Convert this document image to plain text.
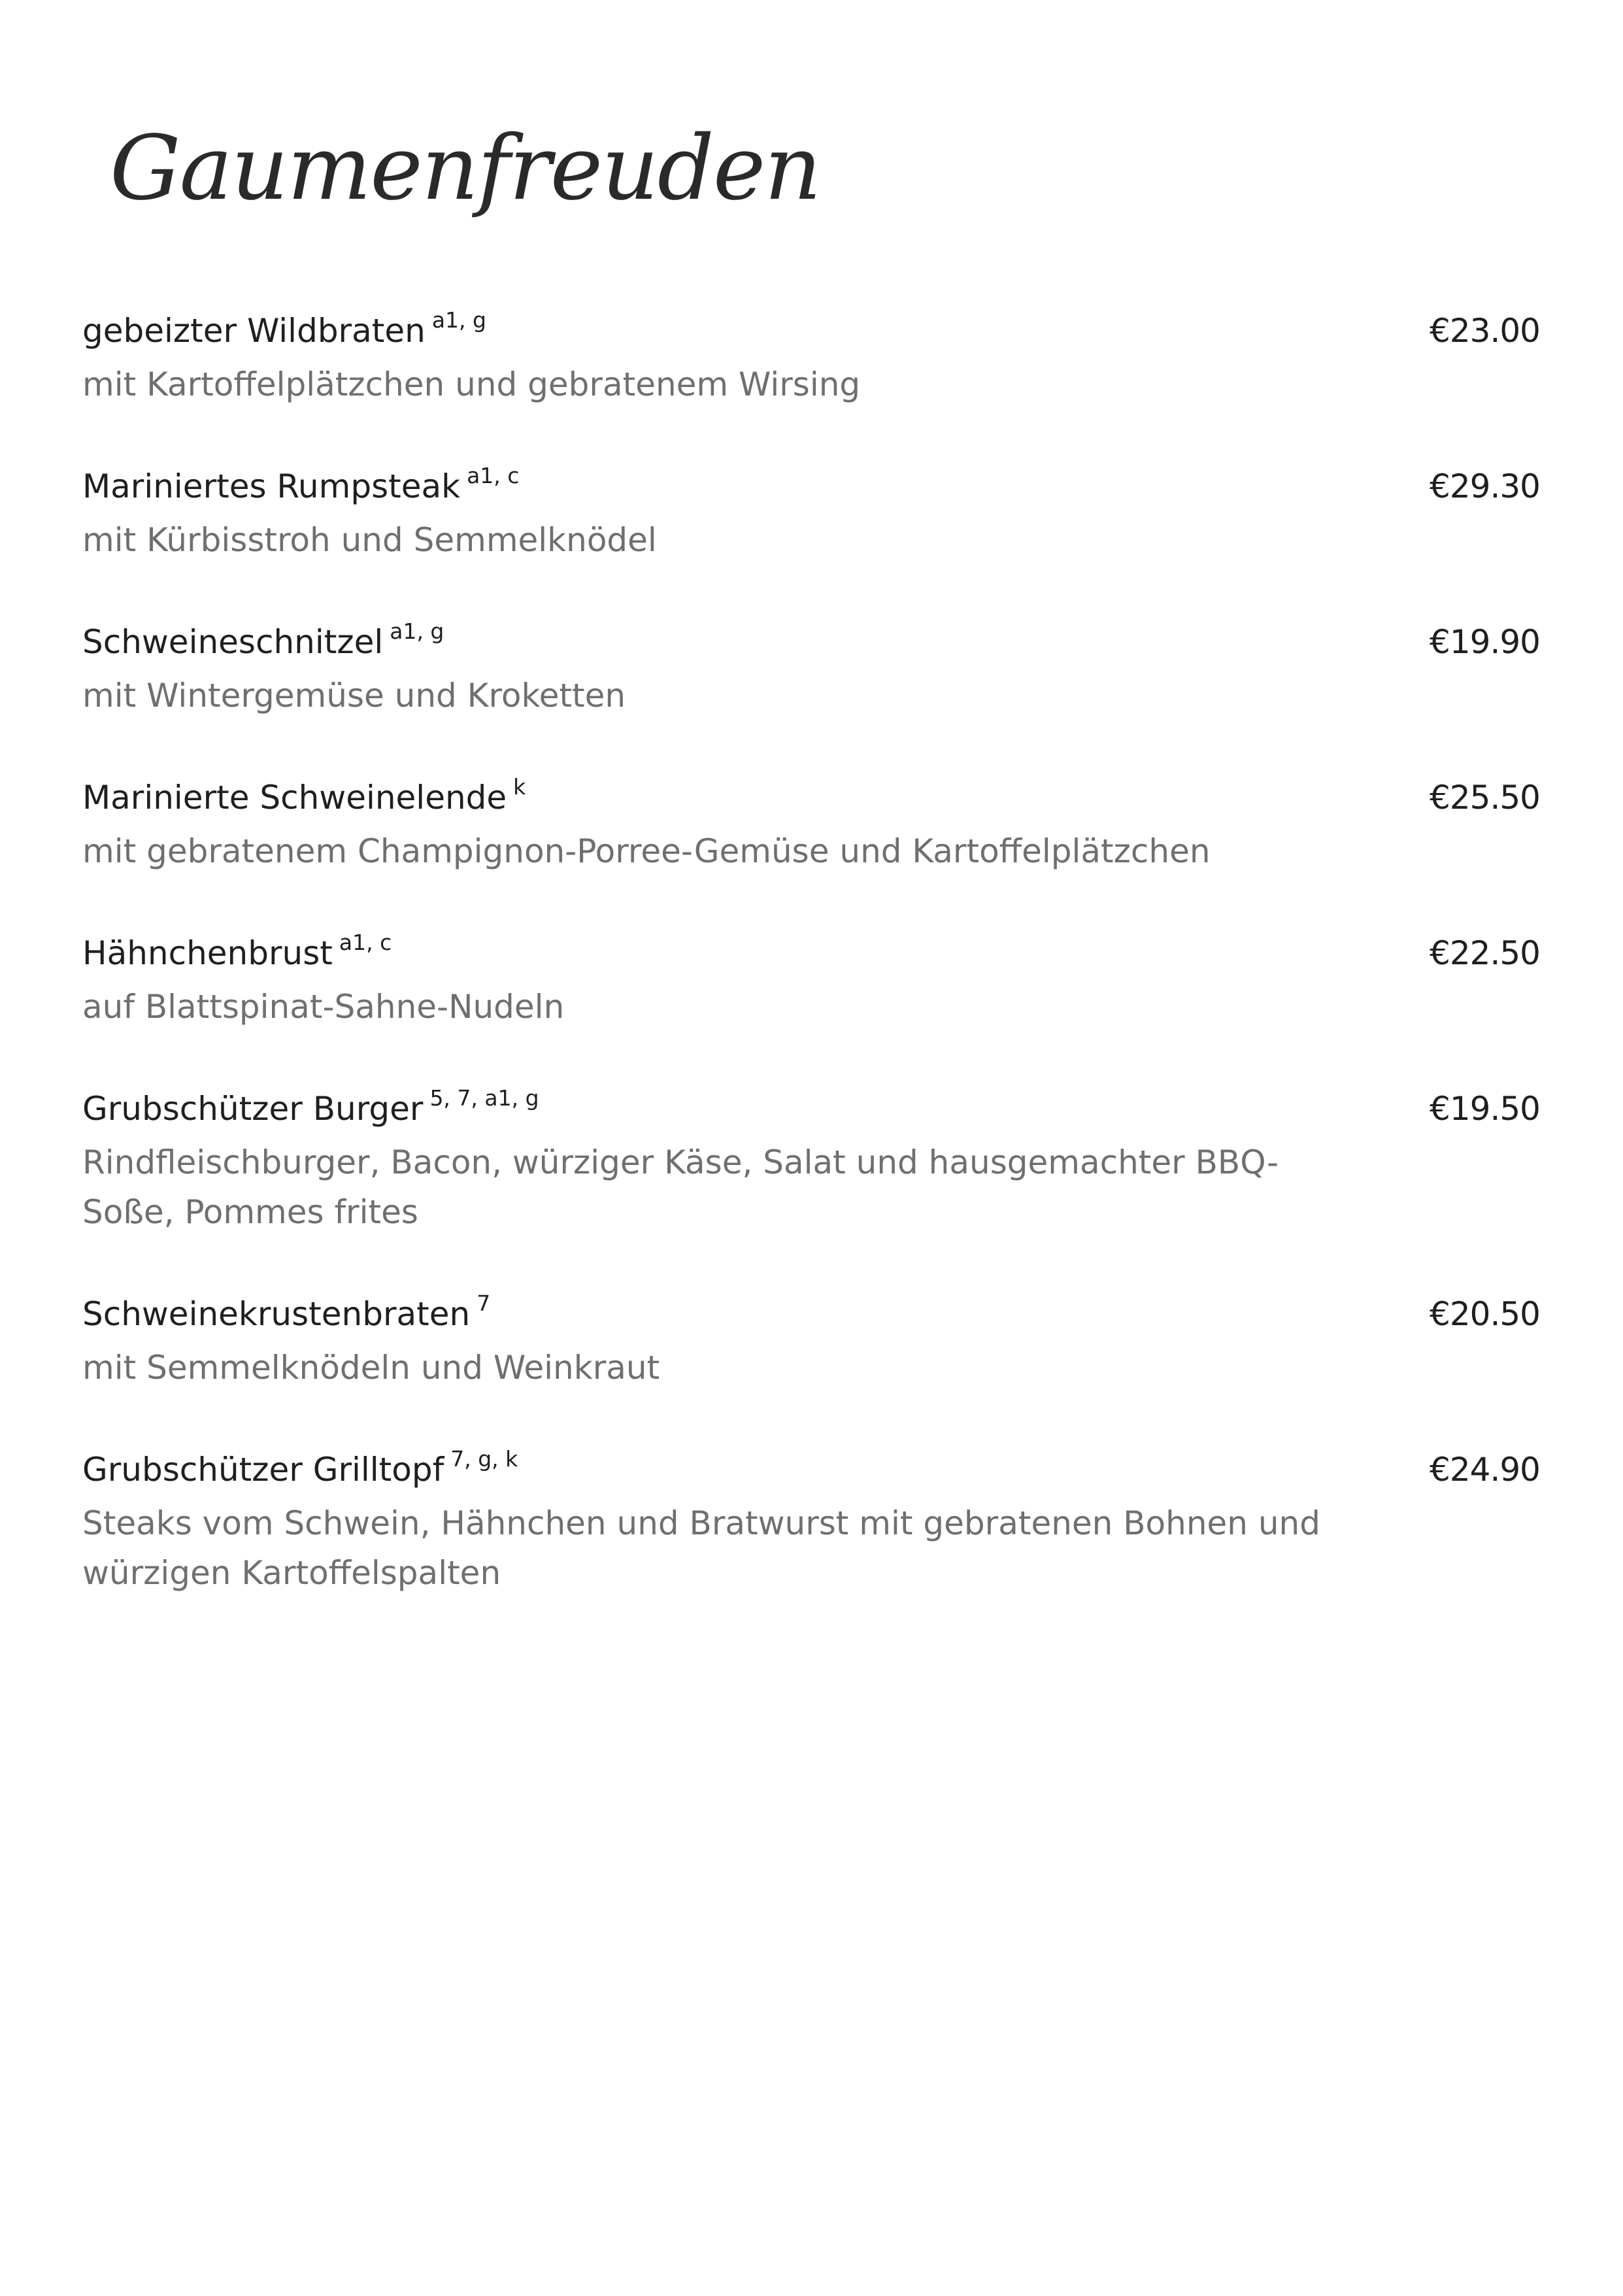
Gaumenfreuden
gebeizter Wildbraten $^{a1, g}$	€23.00
mit Kartoffelplätzchen und gebratenem Wirsing
Mariniertes Rumpsteak $^{a1, c}$	€29.30
mit Kürbisstroh und Semmelknödel
Schweineschnitzel $^{a1, g}$	€19.90
mit Wintergemüse und Kroketten
Marinierte Schweinelende $^k$	€25.50
mit gebratenem Champignon-Porree-Gemüse und Kartoffelplätzchen
Hähnchenbrust $^{a1, c}$	€22.50
auf Blattspinat-Sahne-Nudeln
Grubschützer Burger $^{5, 7, a1, g}$	€19.50
Rindfleischburger, Bacon, würziger Käse, Salat und hausgemachter BBQ-Soße, Pommes frites
Schweinekrustenbraten $^7$	€20.50
mit Semmelknödeln und Weinkraut
Grubschützer Grilltopf $^{7, g, k}$	€24.90
Steaks vom Schwein, Hähnchen und Bratwurst mit gebratenen Bohnen und würzigen Kartoffelspalten
